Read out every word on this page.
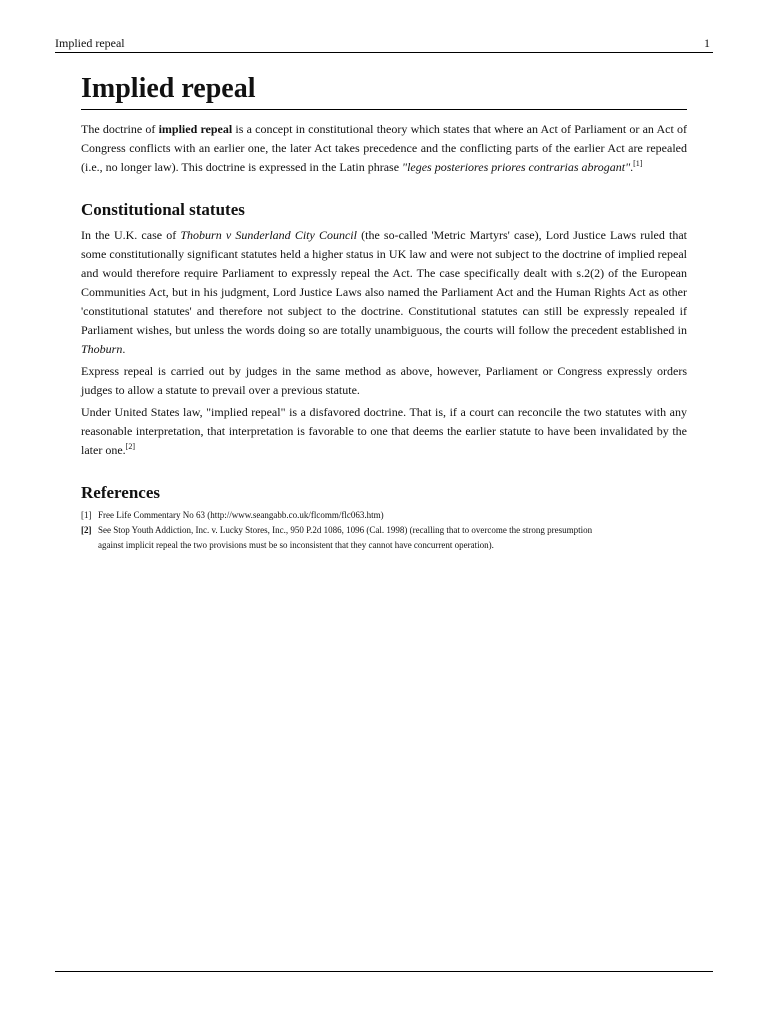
Implied repeal	1
Implied repeal

The doctrine of implied repeal is a concept in constitutional theory which states that where an Act of Parliament or an Act of Congress conflicts with an earlier one, the later Act takes precedence and the conflicting parts of the earlier Act are repealed (i.e., no longer law). This doctrine is expressed in the Latin phrase "leges posteriores priores contrarias abrogant".[1]

Constitutional statutes

In the U.K. case of Thoburn v Sunderland City Council (the so-called 'Metric Martyrs' case), Lord Justice Laws ruled that some constitutionally significant statutes held a higher status in UK law and were not subject to the doctrine of implied repeal and would therefore require Parliament to expressly repeal the Act. The case specifically dealt with s.2(2) of the European Communities Act, but in his judgment, Lord Justice Laws also named the Parliament Act and the Human Rights Act as other 'constitutional statutes' and therefore not subject to the doctrine. Constitutional statutes can still be expressly repealed if Parliament wishes, but unless the words doing so are totally unambiguous, the courts will follow the precedent established in Thoburn.

Express repeal is carried out by judges in the same method as above, however, Parliament or Congress expressly orders judges to allow a statute to prevail over a previous statute.

Under United States law, "implied repeal" is a disfavored doctrine. That is, if a court can reconcile the two statutes with any reasonable interpretation, that interpretation is favorable to one that deems the earlier statute to have been invalidated by the later one.[2]

References
[1] Free Life Commentary No 63 (http://www.seangabb.co.uk/flcomm/flc063.htm)
[2] See Stop Youth Addiction, Inc. v. Lucky Stores, Inc., 950 P.2d 1086, 1096 (Cal. 1998) (recalling that to overcome the strong presumption
against implicit repeal the two provisions must be so inconsistent that they cannot have concurrent operation).
